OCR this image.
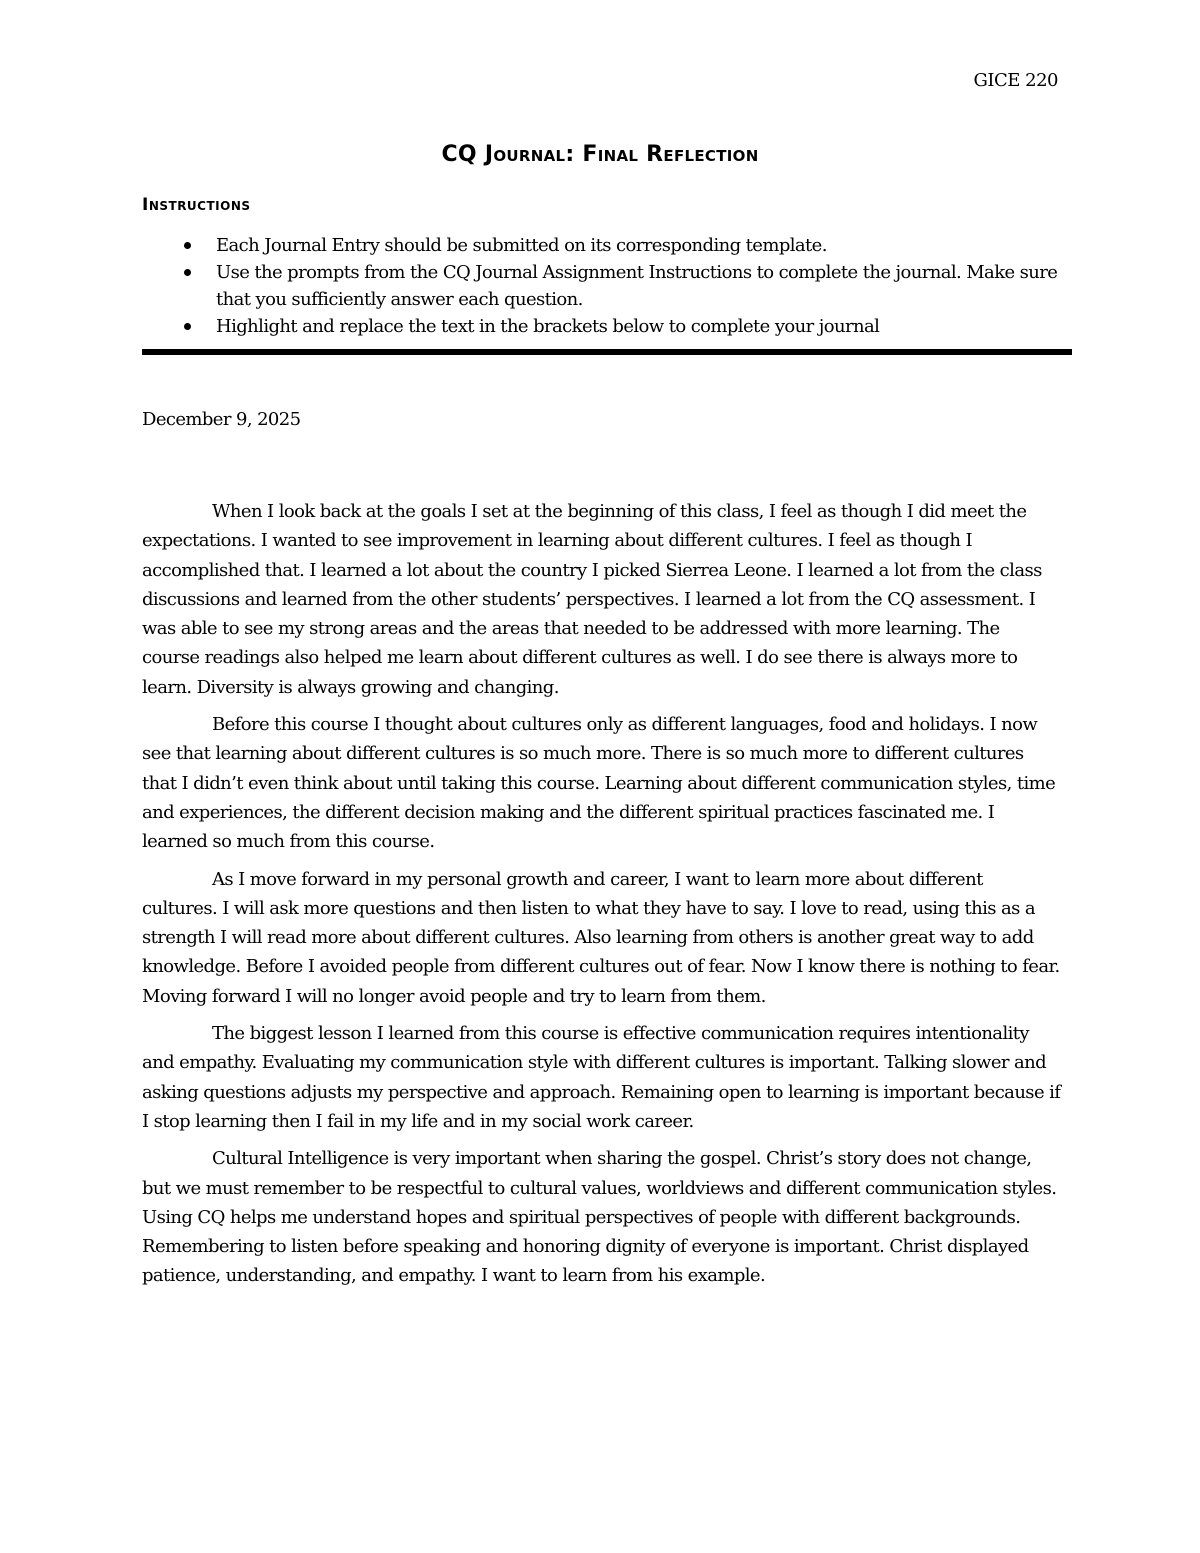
GICE 220
CQ Journal: Final Reflection
Instructions
Each Journal Entry should be submitted on its corresponding template.
Use the prompts from the CQ Journal Assignment Instructions to complete the journal. Make sure that you sufficiently answer each question.
Highlight and replace the text in the brackets below to complete your journal
December 9, 2025

When I look back at the goals I set at the beginning of this class, I feel as though I did meet the expectations. I wanted to see improvement in learning about different cultures. I feel as though I accomplished that. I learned a lot about the country I picked Sierrea Leone. I learned a lot from the class discussions and learned from the other students’ perspectives. I learned a lot from the CQ assessment. I was able to see my strong areas and the areas that needed to be addressed with more learning. The course readings also helped me learn about different cultures as well. I do see there is always more to learn. Diversity is always growing and changing.

Before this course I thought about cultures only as different languages, food and holidays. I now see that learning about different cultures is so much more. There is so much more to different cultures that I didn’t even think about until taking this course. Learning about different communication styles, time and experiences, the different decision making and the different spiritual practices fascinated me. I learned so much from this course.

As I move forward in my personal growth and career, I want to learn more about different cultures. I will ask more questions and then listen to what they have to say. I love to read, using this as a strength I will read more about different cultures. Also learning from others is another great way to add knowledge. Before I avoided people from different cultures out of fear. Now I know there is nothing to fear. Moving forward I will no longer avoid people and try to learn from them.

The biggest lesson I learned from this course is effective communication requires intentionality and empathy. Evaluating my communication style with different cultures is important. Talking slower and asking questions adjusts my perspective and approach. Remaining open to learning is important because if I stop learning then I fail in my life and in my social work career.

Cultural Intelligence is very important when sharing the gospel. Christ’s story does not change, but we must remember to be respectful to cultural values, worldviews and different communication styles. Using CQ helps me understand hopes and spiritual perspectives of people with different backgrounds. Remembering to listen before speaking and honoring dignity of everyone is important. Christ displayed patience, understanding, and empathy. I want to learn from his example.
